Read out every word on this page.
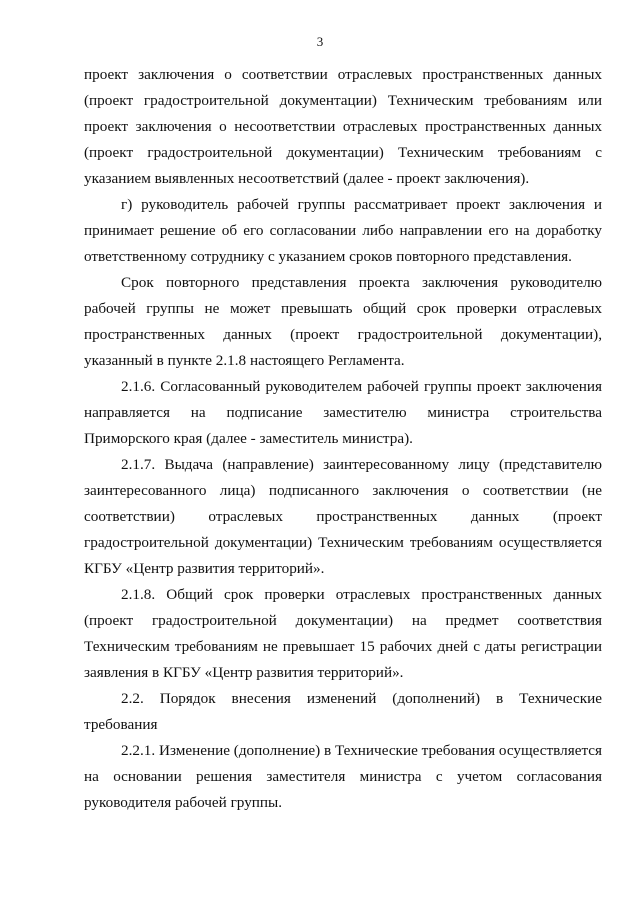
3

проект заключения о соответствии отраслевых пространственных данных (проект градостроительной документации) Техническим требованиям или проект заключения о несоответствии отраслевых пространственных данных (проект градостроительной документации) Техническим требованиям с указанием выявленных несоответствий (далее - проект заключения).

г) руководитель рабочей группы рассматривает проект заключения и принимает решение об его согласовании либо направлении его на доработку ответственному сотруднику с указанием сроков повторного представления.

Срок повторного представления проекта заключения руководителю рабочей группы не может превышать общий срок проверки отраслевых пространственных данных (проект градостроительной документации), указанный в пункте 2.1.8 настоящего Регламента.

2.1.6. Согласованный руководителем рабочей группы проект заключения направляется на подписание заместителю министра строительства Приморского края (далее - заместитель министра).

2.1.7. Выдача (направление) заинтересованному лицу (представителю заинтересованного лица) подписанного заключения о соответствии (не соответствии) отраслевых пространственных данных (проект градостроительной документации) Техническим требованиям осуществляется КГБУ «Центр развития территорий».

2.1.8. Общий срок проверки отраслевых пространственных данных (проект градостроительной документации) на предмет соответствия Техническим требованиям не превышает 15 рабочих дней с даты регистрации заявления в КГБУ «Центр развития территорий».

2.2. Порядок внесения изменений (дополнений) в Технические требования

2.2.1. Изменение (дополнение) в Технические требования осуществляется на основании решения заместителя министра с учетом согласования руководителя рабочей группы.
